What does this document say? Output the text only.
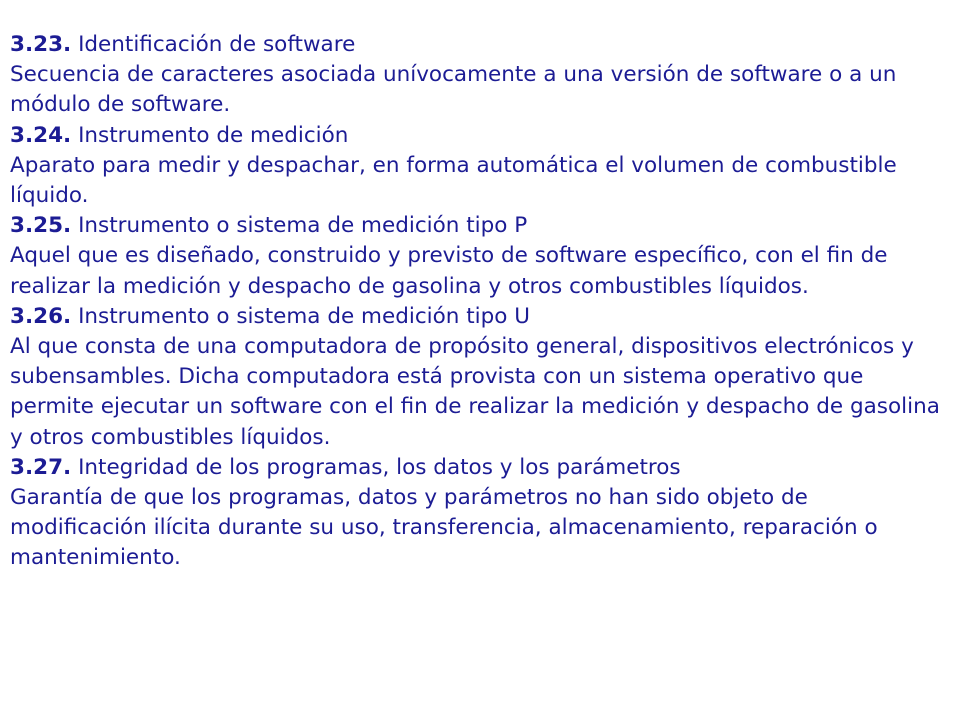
3.23. Identificación de software
Secuencia de caracteres asociada unívocamente a una versión de software o a un módulo de software.
3.24. Instrumento de medición
Aparato para medir y despachar, en forma automática el volumen de combustible líquido.
3.25. Instrumento o sistema de medición tipo P
Aquel que es diseñado, construido y previsto de software específico, con el fin de realizar la medición y despacho de gasolina y otros combustibles líquidos.
3.26. Instrumento o sistema de medición tipo U
Al que consta de una computadora de propósito general, dispositivos electrónicos y subensambles. Dicha computadora está provista con un sistema operativo que permite ejecutar un software con el fin de realizar la medición y despacho de gasolina y otros combustibles líquidos.
3.27. Integridad de los programas, los datos y los parámetros
Garantía de que los programas, datos y parámetros no han sido objeto de modificación ilícita durante su uso, transferencia, almacenamiento, reparación o mantenimiento.
